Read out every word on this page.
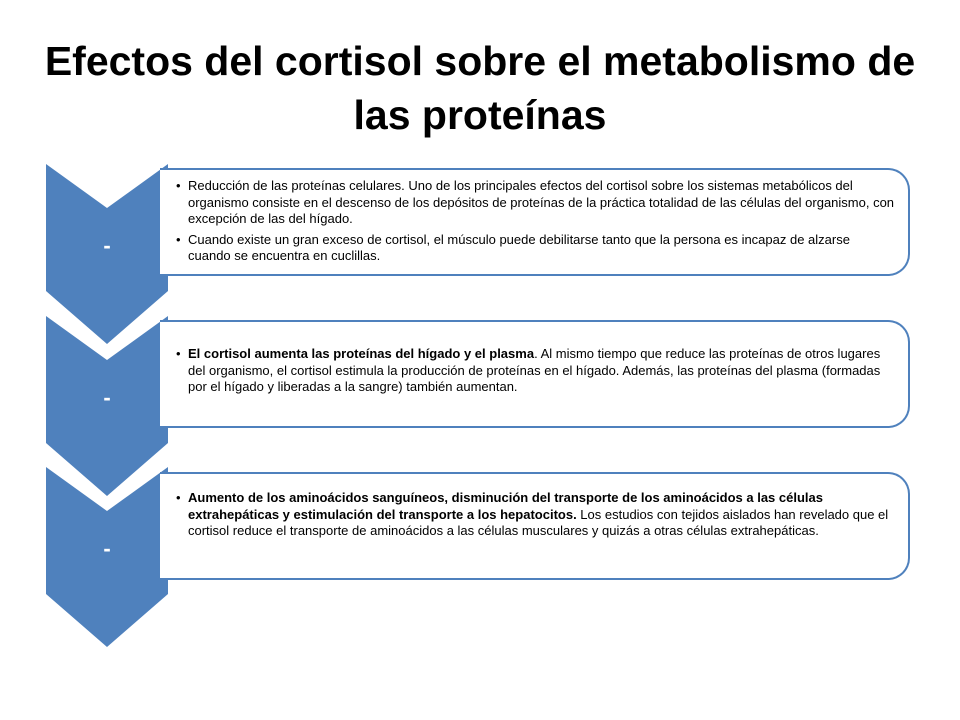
Efectos del cortisol sobre el metabolismo de las proteínas
-
• Reducción de las proteínas celulares. Uno de los principales efectos del cortisol sobre los sistemas metabólicos del organismo consiste en el descenso de los depósitos de proteínas de la práctica totalidad de las células del organismo, con excepción de las del hígado.
• Cuando existe un gran exceso de cortisol, el músculo puede debilitarse tanto que la persona es incapaz de alzarse cuando se encuentra en cuclillas.
-
• El cortisol aumenta las proteínas del hígado y el plasma. Al mismo tiempo que reduce las proteínas de otros lugares del organismo, el cortisol estimula la producción de proteínas en el hígado. Además, las proteínas del plasma (formadas por el hígado y liberadas a la sangre) también aumentan.
-
• Aumento de los aminoácidos sanguíneos, disminución del transporte de los aminoácidos a las células extrahepáticas y estimulación del transporte a los hepatocitos. Los estudios con tejidos aislados han revelado que el cortisol reduce el transporte de aminoácidos a las células musculares y quizás a otras células extrahepáticas.
